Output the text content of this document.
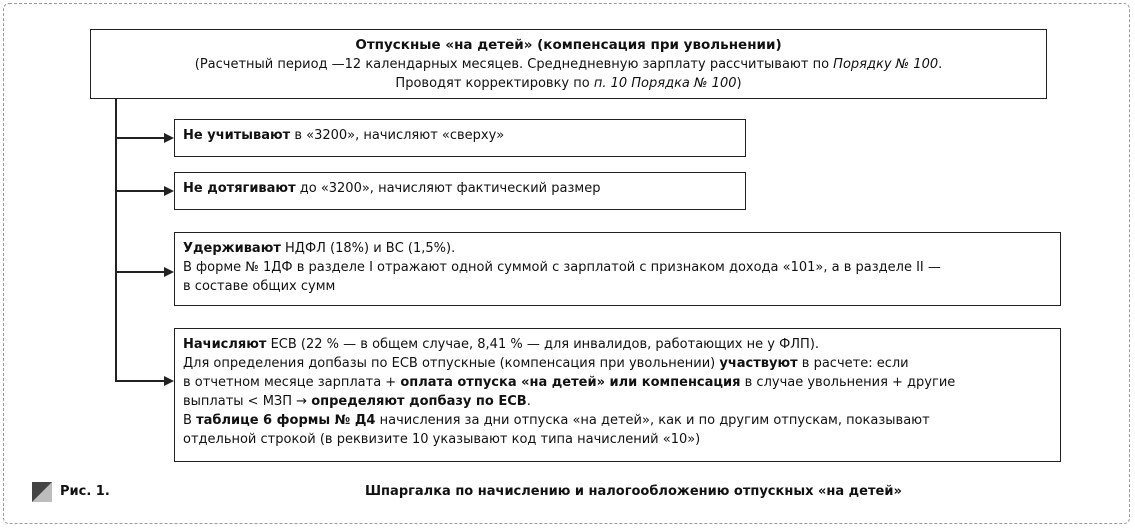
Отпускные «на детей» (компенсация при увольнении)
(Расчетный период —12 календарных месяцев. Среднедневную зарплату рассчитывают по Порядку № 100.
Проводят корректировку по п. 10 Порядка № 100)
Не учитывают в «3200», начисляют «сверху»
Не дотягивают до «3200», начисляют фактический размер
Удерживают НДФЛ (18%) и ВС (1,5%).
В форме № 1ДФ в разделе I отражают одной суммой с зарплатой с признаком дохода «101», а в разделе II —
в составе общих сумм
Начисляют ЕСВ (22 % — в общем случае, 8,41 % — для инвалидов, работающих не у ФЛП).
Для определения допбазы по ЕСВ отпускные (компенсация при увольнении) участвуют в расчете: если
в отчетном месяце зарплата + оплата отпуска «на детей» или компенсация в случае увольнения + другие
выплаты < МЗП → определяют допбазу по ЕСВ.
В таблице 6 формы № Д4 начисления за дни отпуска «на детей», как и по другим отпускам, показывают
отдельной строкой (в реквизите 10 указывают код типа начислений «10»)
Рис. 1.	Шпаргалка по начислению и налогообложению отпускных «на детей»
